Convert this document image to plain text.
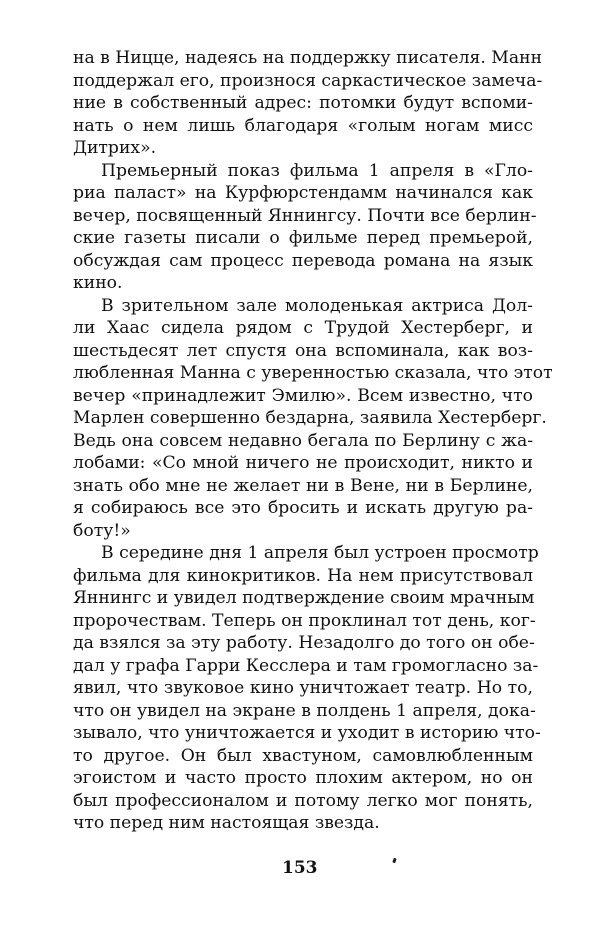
на в Ницце, надеясь на поддержку писателя. Манн
поддержал его, произнося саркастическое замеча-
ние в собственный адрес: потомки будут вспоми-
нать о нем лишь благодаря «голым ногам мисс
Дитрих».
Премьерный показ фильма 1 апреля в «Гло-
риа паласт» на Курфюрстендамм начинался как
вечер, посвященный Яннингсу. Почти все берлин-
ские газеты писали о фильме перед премьерой,
обсуждая сам процесс перевода романа на язык
кино.
В зрительном зале молоденькая актриса Дол-
ли Хаас сидела рядом с Трудой Хестерберг, и
шестьдесят лет спустя она вспоминала, как воз-
любленная Манна с уверенностью сказала, что этот
вечер «принадлежит Эмилю». Всем известно, что
Марлен совершенно бездарна, заявила Хестерберг.
Ведь она совсем недавно бегала по Берлину с жа-
лобами: «Со мной ничего не происходит, никто и
знать обо мне не желает ни в Вене, ни в Берлине,
я собираюсь все это бросить и искать другую ра-
боту!»
В середине дня 1 апреля был устроен просмотр
фильма для кинокритиков. На нем присутствовал
Яннингс и увидел подтверждение своим мрачным
пророчествам. Теперь он проклинал тот день, ког-
да взялся за эту работу. Незадолго до того он обе-
дал у графа Гарри Кесслера и там громогласно за-
явил, что звуковое кино уничтожает театр. Но то,
что он увидел на экране в полдень 1 апреля, дока-
зывало, что уничтожается и уходит в историю что-
то другое. Он был хвастуном, самовлюбленным
эгоистом и часто просто плохим актером, но он
был профессионалом и потому легко мог понять,
что перед ним настоящая звезда.
153
